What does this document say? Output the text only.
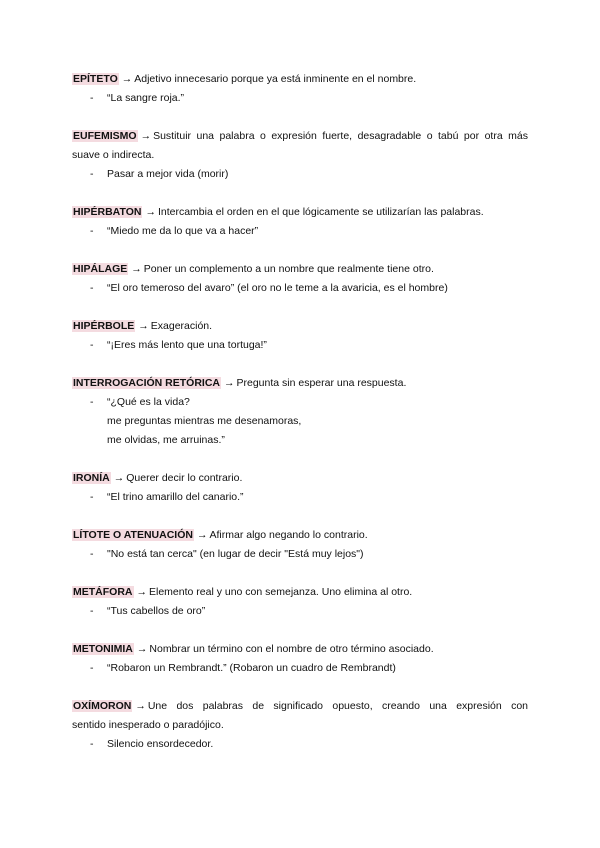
EPÍTETO → Adjetivo innecesario porque ya está inminente en el nombre.

- “La sangre roja.”

EUFEMISMO → Sustituir una palabra o expresión fuerte, desagradable o tabú por otra más

suave o indirecta.

- Pasar a mejor vida (morir)

HIPÉRBATON → Intercambia el orden en el que lógicamente se utilizarían las palabras.

- “Miedo me da lo que va a hacer”

HIPÁLAGE → Poner un complemento a un nombre que realmente tiene otro.

- “El oro temeroso del avaro” (el oro no le teme a la avaricia, es el hombre)

HIPÉRBOLE → Exageración.

- “¡Eres más lento que una tortuga!”

INTERROGACIÓN RETÓRICA → Pregunta sin esperar una respuesta.

- “¿Qué es la vida?
me preguntas mientras me desenamoras,
me olvidas, me arruinas.”

IRONÍA → Querer decir lo contrario.

- “El trino amarillo del canario.”

LÍTOTE O ATENUACIÓN → Afirmar algo negando lo contrario.

- "No está tan cerca" (en lugar de decir "Está muy lejos")

METÁFORA → Elemento real y uno con semejanza. Uno elimina al otro.

- “Tus cabellos de oro”

METONIMIA → Nombrar un término con el nombre de otro término asociado.

- “Robaron un Rembrandt.” (Robaron un cuadro de Rembrandt)

OXÍMORON → Une dos palabras de significado opuesto, creando una expresión con

sentido inesperado o paradójico.

- Silencio ensordecedor.
